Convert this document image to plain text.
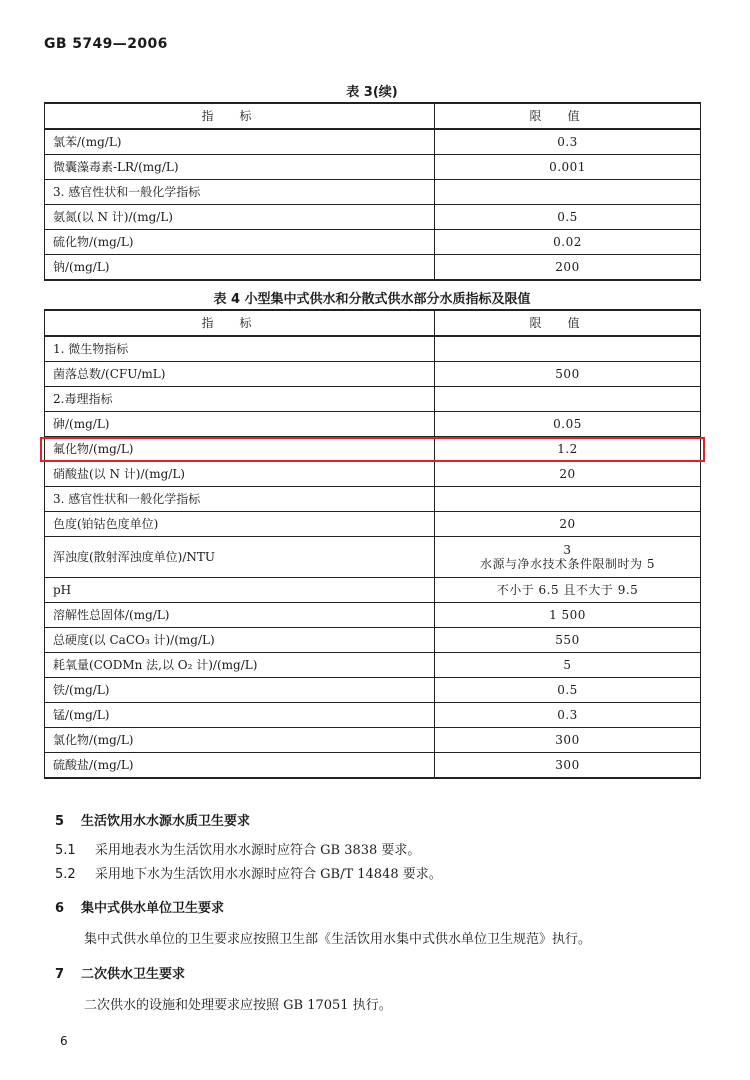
GB 5749—2006
表 3(续)
指标	限值
氯苯/(mg/L)	0.3
微囊藻毒素-LR/(mg/L)	0.001
3. 感官性状和一般化学指标	
氨氮(以 N 计)/(mg/L)	0.5
硫化物/(mg/L)	0.02
钠/(mg/L)	200
表 4 小型集中式供水和分散式供水部分水质指标及限值
指标	限值
1. 微生物指标	
菌落总数/(CFU/mL)	500
2.毒理指标	
砷/(mg/L)	0.05
氟化物/(mg/L)	1.2
硝酸盐(以 N 计)/(mg/L)	20
3. 感官性状和一般化学指标	
色度(铂钴色度单位)	20
浑浊度(散射浑浊度单位)/NTU	3
水源与净水技术条件限制时为 5

pH	不小于 6.5 且不大于 9.5
溶解性总固体/(mg/L)	1 500
总硬度(以 CaCO₃ 计)/(mg/L)	550
耗氧量(CODMn 法,以 O₂ 计)/(mg/L)	5
铁/(mg/L)	0.5
锰/(mg/L)	0.3
氯化物/(mg/L)	300
硫酸盐/(mg/L)	300
5 生活饮用水水源水质卫生要求
5.1 采用地表水为生活饮用水水源时应符合 GB 3838 要求。
5.2 采用地下水为生活饮用水水源时应符合 GB/T 14848 要求。
6 集中式供水单位卫生要求
集中式供水单位的卫生要求应按照卫生部《生活饮用水集中式供水单位卫生规范》执行。
7 二次供水卫生要求
二次供水的设施和处理要求应按照 GB 17051 执行。
6
